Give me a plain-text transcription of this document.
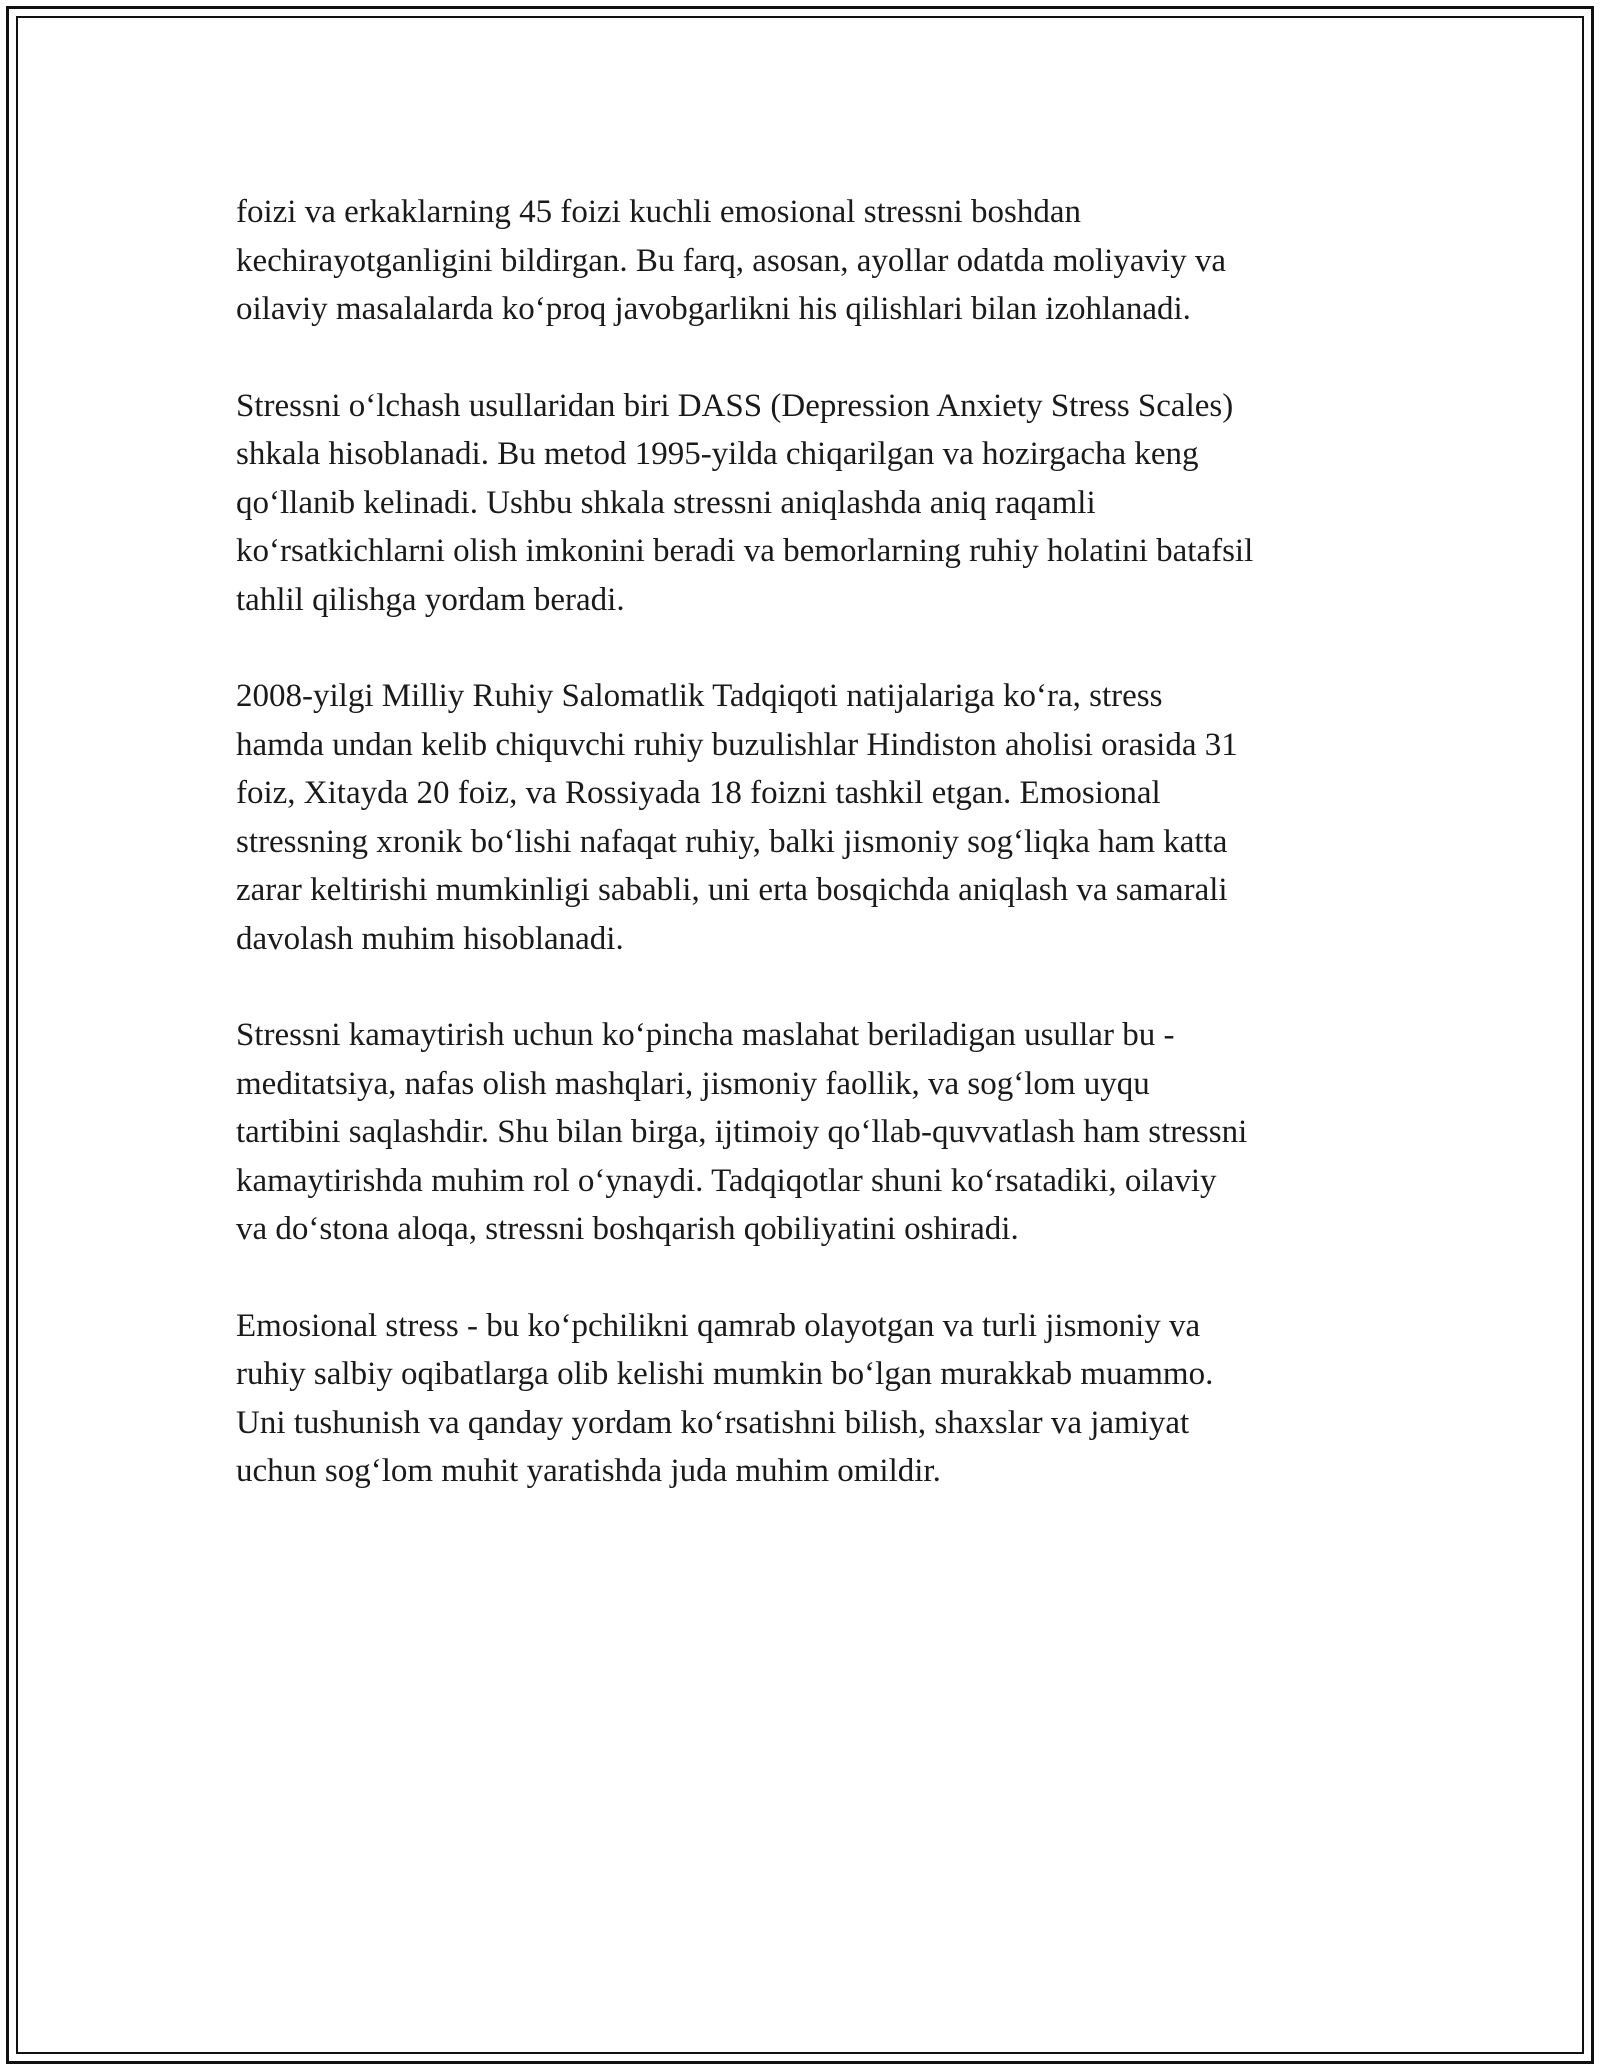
foizi va erkaklarning 45 foizi kuchli emosional stressni boshdan
kechirayotganligini bildirgan. Bu farq, asosan, ayollar odatda moliyaviy va
oilaviy masalalarda ko‘proq javobgarlikni his qilishlari bilan izohlanadi.

Stressni o‘lchash usullaridan biri DASS (Depression Anxiety Stress Scales)
shkala hisoblanadi. Bu metod 1995-yilda chiqarilgan va hozirgacha keng
qo‘llanib kelinadi. Ushbu shkala stressni aniqlashda aniq raqamli
ko‘rsatkichlarni olish imkonini beradi va bemorlarning ruhiy holatini batafsil
tahlil qilishga yordam beradi.

2008-yilgi Milliy Ruhiy Salomatlik Tadqiqoti natijalariga ko‘ra, stress
hamda undan kelib chiquvchi ruhiy buzulishlar Hindiston aholisi orasida 31
foiz, Xitayda 20 foiz, va Rossiyada 18 foizni tashkil etgan. Emosional
stressning xronik bo‘lishi nafaqat ruhiy, balki jismoniy sog‘liqka ham katta
zarar keltirishi mumkinligi sababli, uni erta bosqichda aniqlash va samarali
davolash muhim hisoblanadi.

Stressni kamaytirish uchun ko‘pincha maslahat beriladigan usullar bu -
meditatsiya, nafas olish mashqlari, jismoniy faollik, va sog‘lom uyqu
tartibini saqlashdir. Shu bilan birga, ijtimoiy qo‘llab-quvvatlash ham stressni
kamaytirishda muhim rol o‘ynaydi. Tadqiqotlar shuni ko‘rsatadiki, oilaviy
va do‘stona aloqa, stressni boshqarish qobiliyatini oshiradi.

Emosional stress - bu ko‘pchilikni qamrab olayotgan va turli jismoniy va
ruhiy salbiy oqibatlarga olib kelishi mumkin bo‘lgan murakkab muammo.
Uni tushunish va qanday yordam ko‘rsatishni bilish, shaxslar va jamiyat
uchun sog‘lom muhit yaratishda juda muhim omildir.
